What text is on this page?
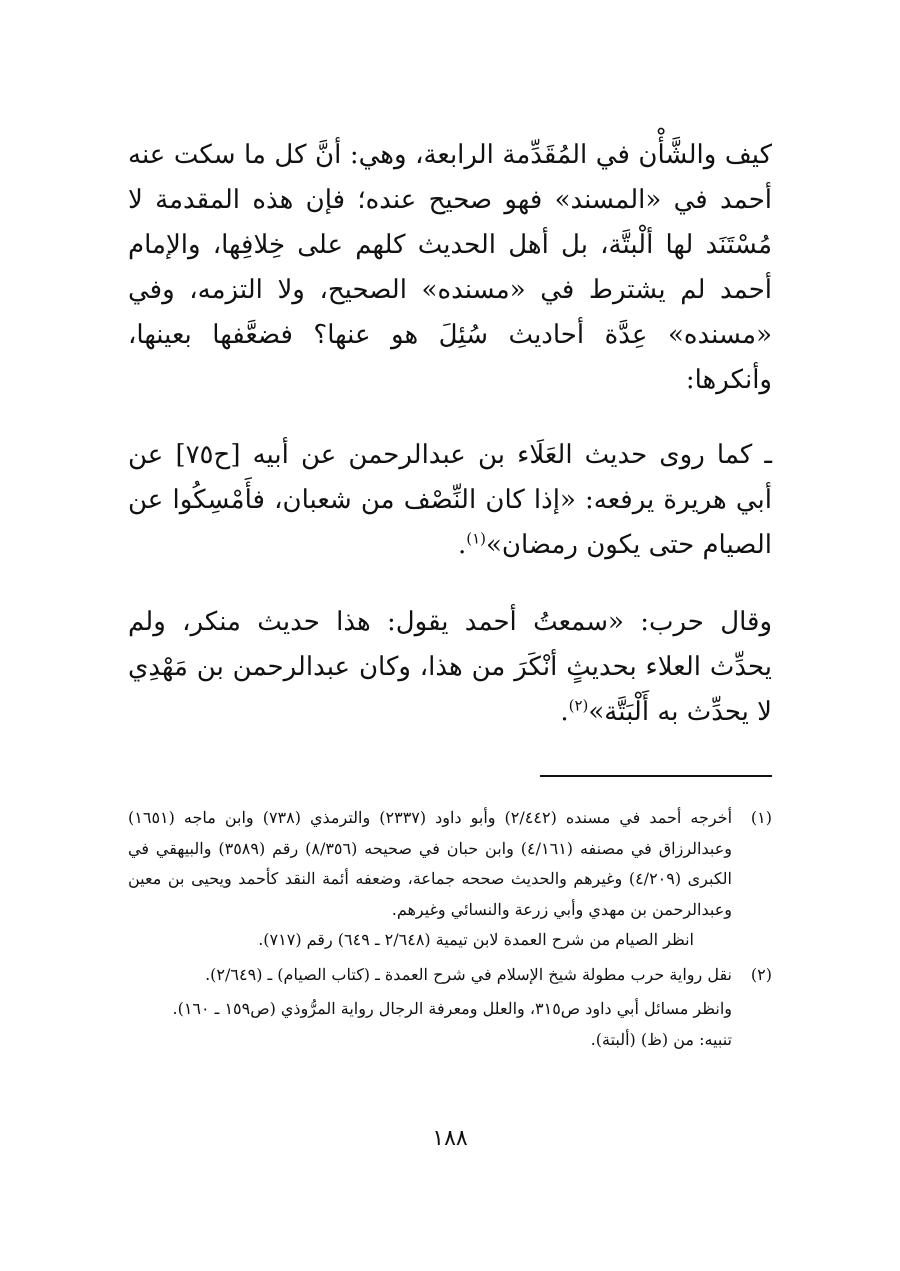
كيف والشَّأْن في المُقَدِّمة الرابعة، وهي: أنَّ كل ما سكت عنه أحمد في «المسند» فهو صحيح عنده؛ فإن هذه المقدمة لا مُسْتَنَد لها ألْبتَّة، بل أهل الحديث كلهم على خِلافِها، والإمام أحمد لم يشترط في «مسنده» الصحيح، ولا التزمه، وفي «مسنده» عِدَّة أحاديث سُئِلَ هو عنها؟ فضعَّفها بعينها، وأنكرها:

ـ كما روى حديث العَلَاء بن عبدالرحمن عن أبيه [ح٧٥] عن أبي هريرة يرفعه: «إذا كان النِّصْف من شعبان، فأَمْسِكُوا عن الصيام حتى يكون رمضان»$^{(١)}$.

وقال حرب: «سمعتُ أحمد يقول: هذا حديث منكر، ولم يحدِّث العلاء بحديثٍ أنْكَرَ من هذا، وكان عبدالرحمن بن مَهْدِي لا يحدِّث به أَلْبَتَّة»$^{(٢)}$.

(١)
أخرجه أحمد في مسنده (٢/٤٤٢) وأبو داود (٢٣٣٧) والترمذي (٧٣٨) وابن ماجه (١٦٥١) وعبدالرزاق في مصنفه (٤/١٦١) وابن حبان في صحيحه (٨/٣٥٦) رقم (٣٥٨٩) والبيهقي في الكبرى (٤/٢٠٩) وغيرهم والحديث صححه جماعة، وضعفه أئمة النقد كأحمد ويحيى بن معين وعبدالرحمن بن مهدي وأبي زرعة والنسائي وغيرهم.
انظر الصيام من شرح العمدة لابن تيمية (٢/٦٤٨ ـ ٦٤٩) رقم (٧١٧).
(٢)
نقل رواية حرب مطولة شيخ الإسلام في شرح العمدة ـ (كتاب الصيام) ـ (٢/٦٤٩).
وانظر مسائل أبي داود ص٣١٥، والعلل ومعرفة الرجال رواية المرُّوذي (ص١٥٩ ـ ١٦٠).
تنبيه: من (ظ) (ألبتة).
١٨٨
